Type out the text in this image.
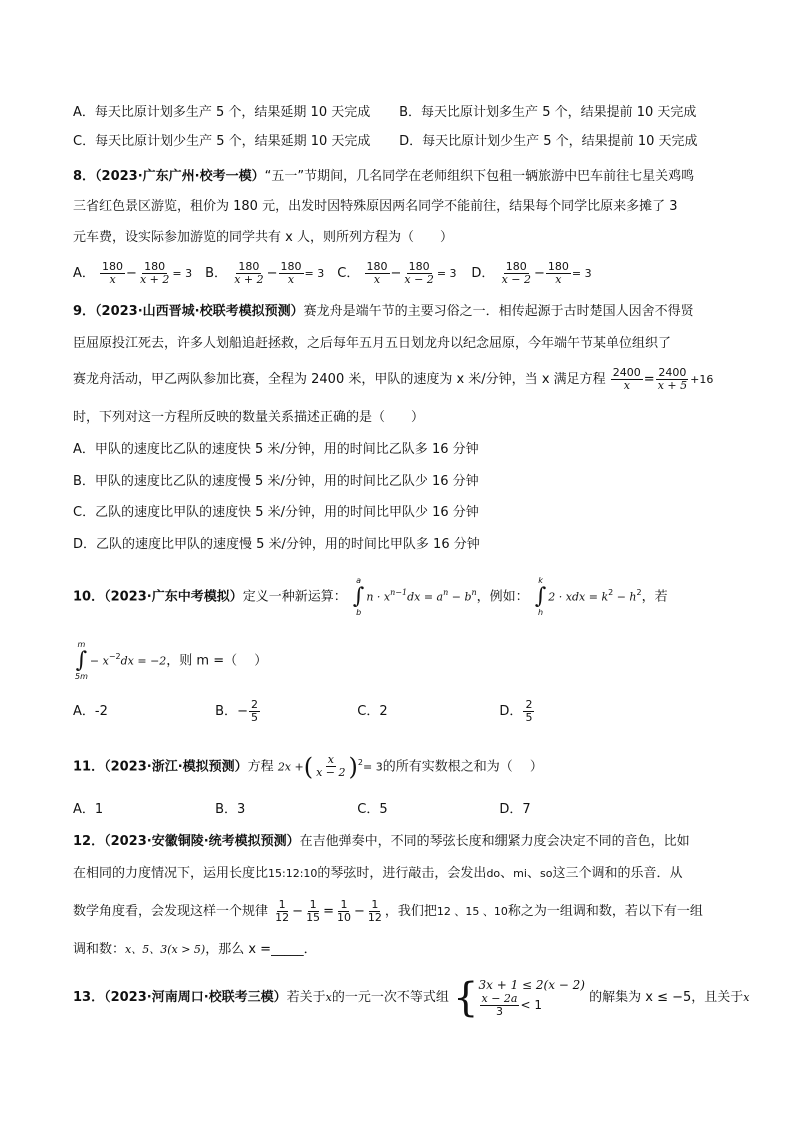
A．每天比原计划多生产 5 个，结果延期 10 天完成 B．每天比原计划多生产 5 个，结果提前 10 天完成
C．每天比原计划少生产 5 个，结果延期 10 天完成 D．每天比原计划少生产 5 个，结果提前 10 天完成
8．（2023·广东广州·校考一模）“五一”节期间，几名同学在老师组织下包租一辆旅游中巴车前往七星关鸡鸣
三省红色景区游览，租价为 180 元，出发时因特殊原因两名同学不能前往，结果每个同学比原来多摊了 3
元车费，设实际参加游览的同学共有 x 人，则所列方程为（　　）
A． $\frac{180}{x} - \frac{180}{x + 2} = 3$ B． $\frac{180}{x + 2} - \frac{180}{x} = 3$ C． $\frac{180}{x} - \frac{180}{x - 2} = 3$ D． $\frac{180}{x - 2} - \frac{180}{x} = 3$
9．（2023·山西晋城·校联考模拟预测）赛龙舟是端午节的主要习俗之一．相传起源于古时楚国人因舍不得贤
臣屈原投江死去，许多人划船追赶拯救，之后每年五月五日划龙舟以纪念屈原，今年端午节某单位组织了
赛龙舟活动，甲乙两队参加比赛，全程为 2400 米，甲队的速度为 x 米/分钟，当 x 满足方程 $\frac{2400}{x} = \frac{2400}{x + 5} +16$
时，下列对这一方程所反映的数量关系描述正确的是（　　）
A．甲队的速度比乙队的速度快 5 米/分钟，用的时间比乙队多 16 分钟
B．甲队的速度比乙队的速度慢 5 米/分钟，用的时间比乙队少 16 分钟
C．乙队的速度比甲队的速度快 5 米/分钟，用的时间比甲队少 16 分钟
D．乙队的速度比甲队的速度慢 5 米/分钟，用的时间比甲队多 16 分钟
10．（2023·广东中考模拟）定义一种新运算：
a
∫
b
$n \cdot x^{n-1}dx = a^n - b^n$，例如：
k
∫
h
2 · xdx = $k^2 - h^2$，若
m
∫
5m
− $x^{-2}dx = -2$，则 m =（　 ）
A．-2	B．− $\frac{2}{5}$	C．2	D． $\frac{2}{5}$
11．（2023·浙江·模拟预测）方程 2x +( $\frac{x}{x - 2} )^2= 3$的所有实数根之和为（　 ）
A．1	B．3	C．5	D．7
12．（2023·安徽铜陵·统考模拟预测）在吉他弹奏中，不同的琴弦长度和绷紧力度会决定不同的音色，比如
在相同的力度情况下，运用长度比15:12:10的琴弦时，进行敲击，会发出do、mi、so这三个调和的乐音．从
数学角度看，会发现这样一个规律 $\frac{1}{12} - \frac{1}{15} = \frac{1}{10} - \frac{1}{12}$ ，我们把12 、15 、10称之为一组调和数，若以下有一组
调和数：x、5、3(x > 5)，那么 x =_____．
13．（2023·河南周口·校联考三模）若关于x的一元一次不等式组 { 3x + 1 ≤ 2(x − 2)
$\frac{x - 2a}{3} < 1$	的解集为 x ≤ −5，且关于x
